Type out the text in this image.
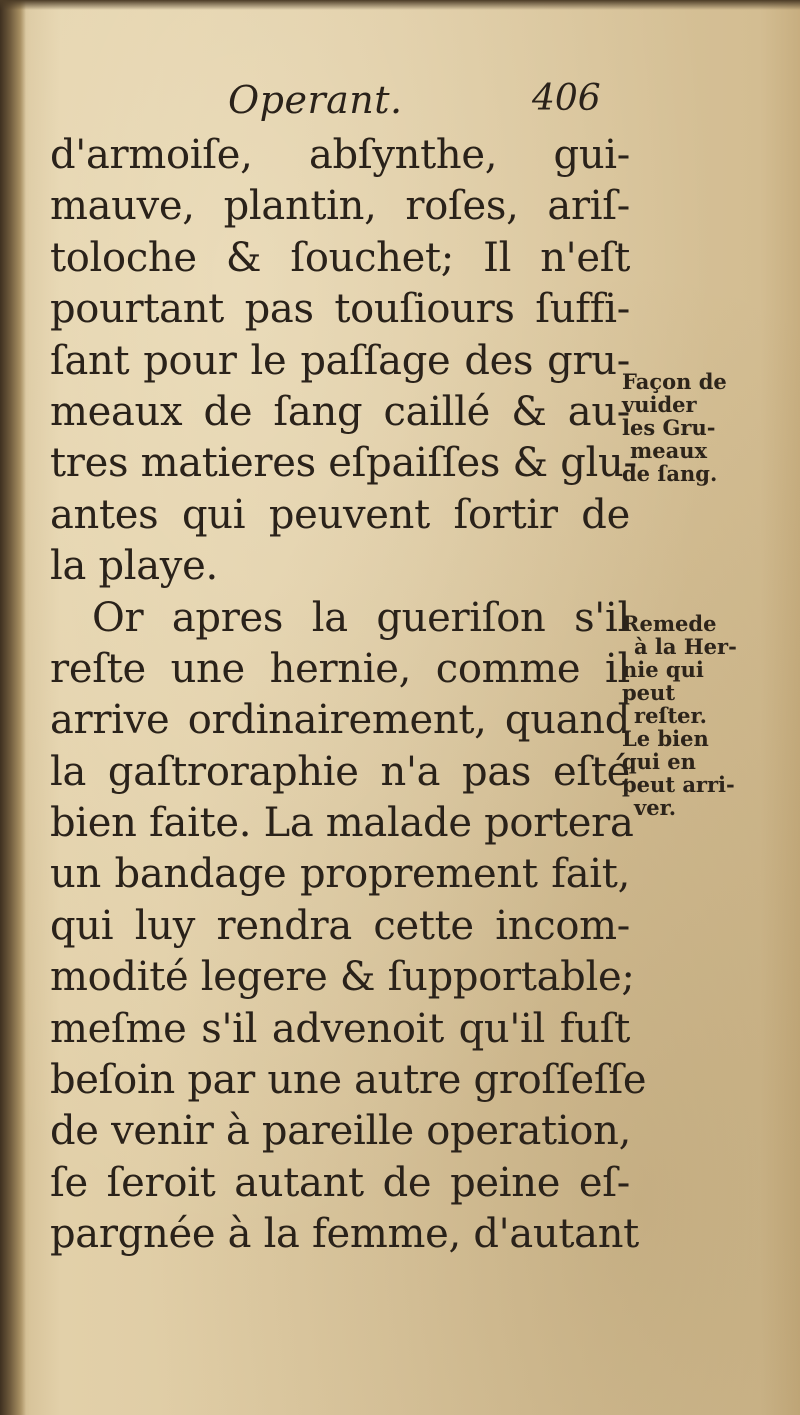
Operant.	406
d'armoiſe, abſynthe, gui-
mauve, plantin, roſes, ariſ-
toloche & ſouchet; Il n'eſt
pourtant pas touſiours ſuffi-
ſant pour le paſſage des gru-
meaux de ſang caillé & au-
tres matieres eſpaiſſes & glu-
antes qui peuvent ſortir de
la playe.
Or apres la gueriſon s'il
reſte une hernie, comme il
arrive ordinairement, quand
la gaſtroraphie n'a pas eſté
bien faite. La malade portera
un bandage proprement fait,
qui luy rendra cette incom-
modité legere & ſupportable;
meſme s'il advenoit qu'il fuſt
beſoin par une autre groſſeſſe
de venir à pareille operation,
ſe ſeroit autant de peine eſ-
pargnée à la femme, d'autant
Façon de
vuider
les Gru-
meaux
de ſang.
Remede
à la Her-
nie qui
peut
reſter.
Le bien
qui en
peut arri-
ver.
